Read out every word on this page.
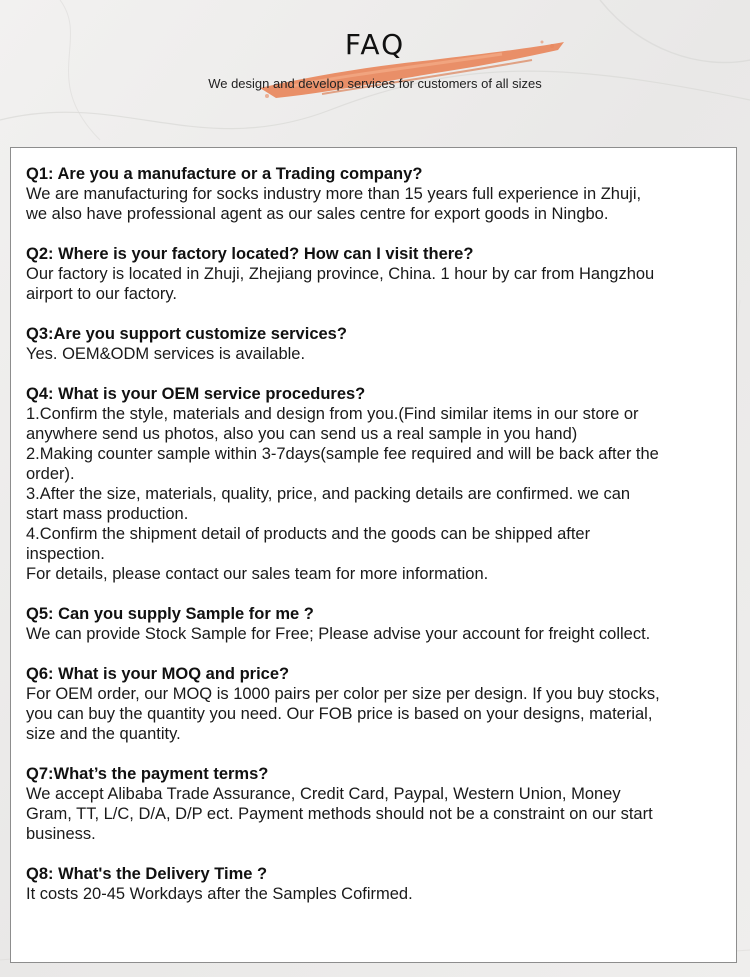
FAQ
We design and develop services for customers of all sizes

Q1: Are you a manufacture or a Trading company?

We are manufacturing for socks industry more than 15 years full experience in Zhuji,

we also have professional agent as our sales centre for export goods in Ningbo.

Q2: Where is your factory located? How can I visit there?

Our factory is located in Zhuji, Zhejiang province, China. 1 hour by car from Hangzhou

airport to our factory.

Q3:Are you support customize services?

Yes. OEM&ODM services is available.

Q4: What is your OEM service procedures?

1.Confirm the style, materials and design from you.(Find similar items in our store or

anywhere send us photos, also you can send us a real sample in you hand)

2.Making counter sample within 3-7days(sample fee required and will be back after the

order).

3.After the size, materials, quality, price, and packing details are confirmed. we can

start mass production.

4.Confirm the shipment detail of products and the goods can be shipped after

inspection.

For details, please contact our sales team for more information.

Q5: Can you supply Sample for me ?

We can provide Stock Sample for Free; Please advise your account for freight collect.

Q6: What is your MOQ and price?

For OEM order, our MOQ is 1000 pairs per color per size per design. If you buy stocks,

you can buy the quantity you need. Our FOB price is based on your designs, material,

size and the quantity.

Q7:What’s the payment terms?

We accept Alibaba Trade Assurance, Credit Card, Paypal, Western Union, Money

Gram, TT, L/C, D/A, D/P ect. Payment methods should not be a constraint on our start

business.

Q8: What's the Delivery Time ?

It costs 20-45 Workdays after the Samples Cofirmed.
